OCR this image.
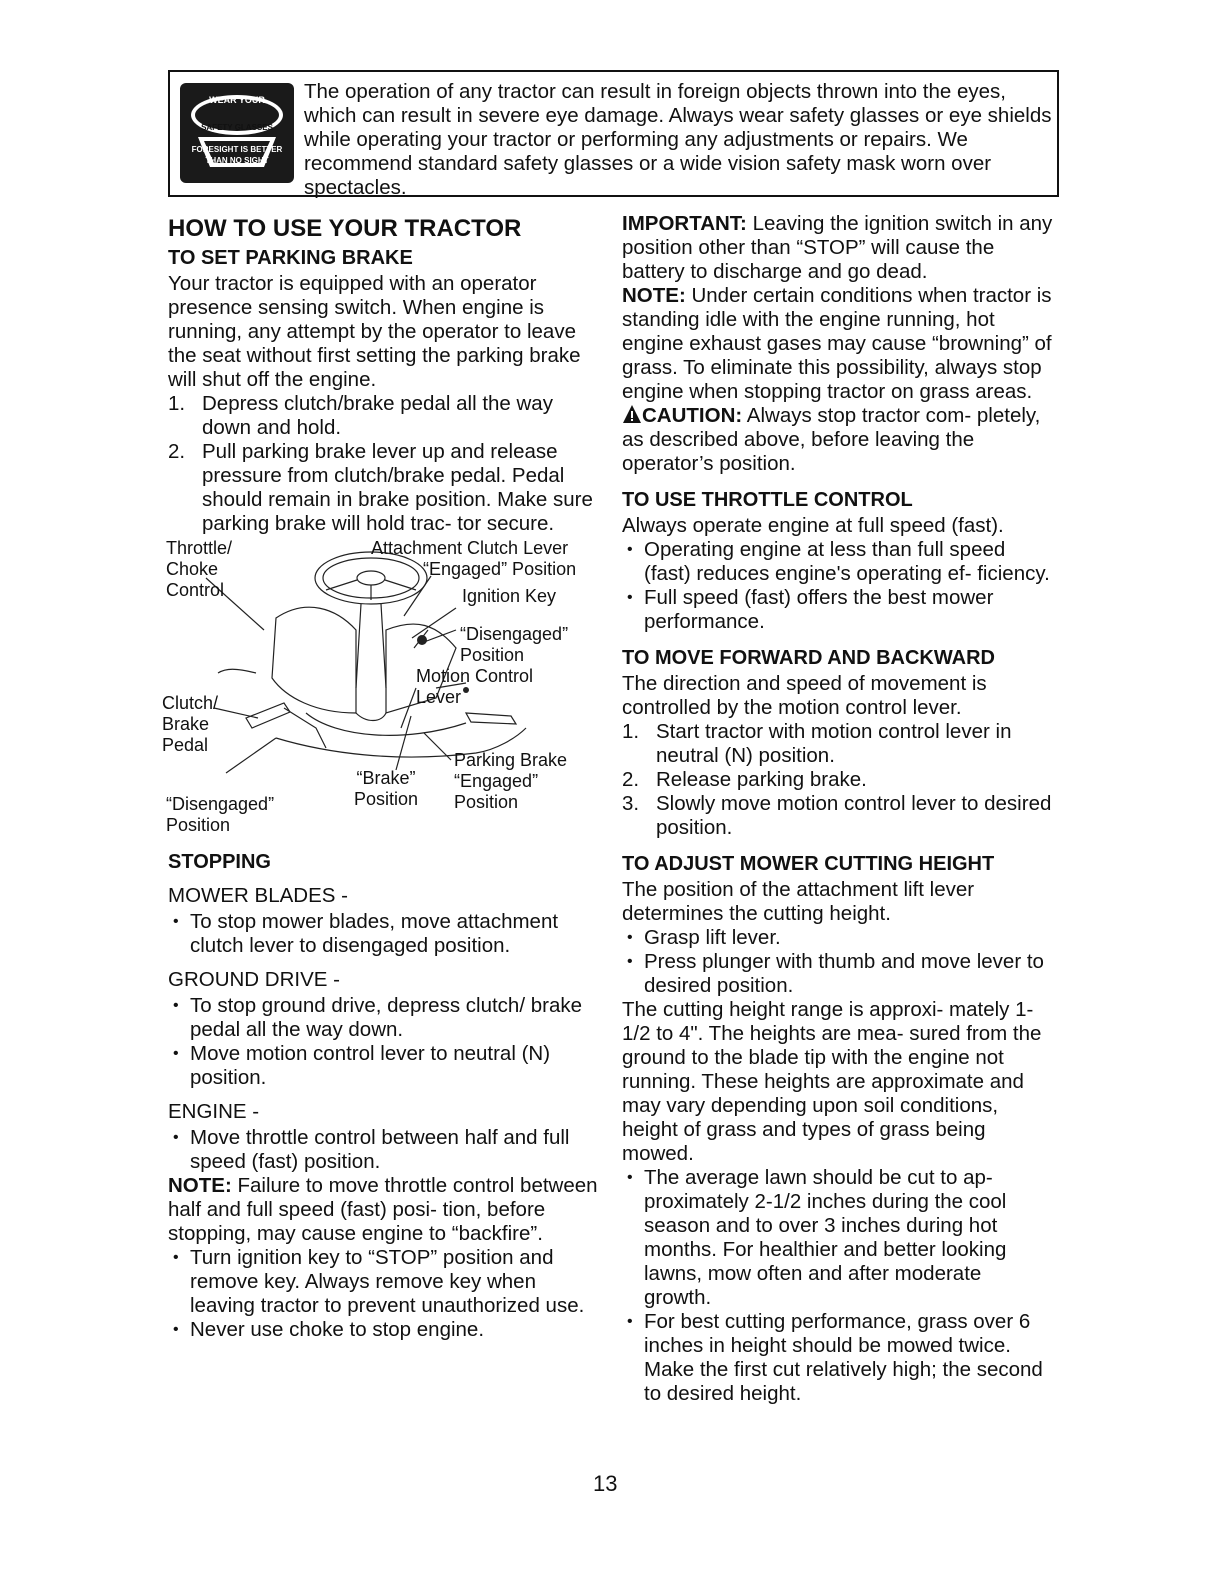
WEAR YOUR
SAFETY GLASSES
FORESIGHT IS BETTER
THAN NO SIGHT
The operation of any tractor can result in foreign objects thrown into the eyes, which can result in severe eye damage. Always wear safety glasses or eye shields while operating your tractor or performing any adjustments or repairs. We recommend standard safety glasses or a wide vision safety mask worn over spectacles.
HOW TO USE YOUR TRACTOR
TO SET PARKING BRAKE

Your tractor is equipped with an operator presence sensing switch. When engine is running, any attempt by the operator to leave the seat without first setting the parking brake will shut off the engine.

1. Depress clutch/brake pedal all the way down and hold.
2. Pull parking brake lever up and release pressure from clutch/brake pedal. Pedal should remain in brake position. Make sure parking brake will hold trac- tor secure.
Throttle/
Choke
Control
Attachment Clutch Lever
“Engaged” Position
Ignition Key
“Disengaged”
Position
Motion Control
Lever
Clutch/
Brake
Pedal
Parking Brake
“Engaged”
Position
“Brake”
Position
“Disengaged”
Position
STOPPING

MOWER BLADES -

• To stop mower blades, move attachment clutch lever to disengaged position.

GROUND DRIVE -

• To stop ground drive, depress clutch/ brake pedal all the way down.
• Move motion control lever to neutral (N) position.

ENGINE -

• Move throttle control between half and full speed (fast) position.

NOTE: Failure to move throttle control between half and full speed (fast) posi- tion, before stopping, may cause engine to “backfire”.

• Turn ignition key to “STOP” position and remove key. Always remove key when leaving tractor to prevent unauthorized use.
• Never use choke to stop engine.

IMPORTANT: Leaving the ignition switch in any position other than “STOP” will cause the battery to discharge and go dead.

NOTE: Under certain conditions when tractor is standing idle with the engine running, hot engine exhaust gases may cause “browning” of grass. To eliminate this possibility, always stop engine when stopping tractor on grass areas.

CAUTION: Always stop tractor com- pletely, as described above, before leaving the operator’s position.

TO USE THROTTLE CONTROL

Always operate engine at full speed (fast).

• Operating engine at less than full speed (fast) reduces engine's operating ef- ficiency.
• Full speed (fast) offers the best mower performance.
TO MOVE FORWARD AND BACKWARD

The direction and speed of movement is controlled by the motion control lever.

1. Start tractor with motion control lever in neutral (N) position.
2. Release parking brake.
3. Slowly move motion control lever to desired position.
TO ADJUST MOWER CUTTING HEIGHT

The position of the attachment lift lever determines the cutting height.

• Grasp lift lever.
• Press plunger with thumb and move lever to desired position.

The cutting height range is approxi- mately 1-1/2 to 4". The heights are mea- sured from the ground to the blade tip with the engine not running. These heights are approximate and may vary depending upon soil conditions, height of grass and types of grass being mowed.

• The average lawn should be cut to ap- proximately 2-1/2 inches during the cool season and to over 3 inches during hot months. For healthier and better looking lawns, mow often and after moderate growth.
• For best cutting performance, grass over 6 inches in height should be mowed twice. Make the first cut relatively high; the second to desired height.
13
